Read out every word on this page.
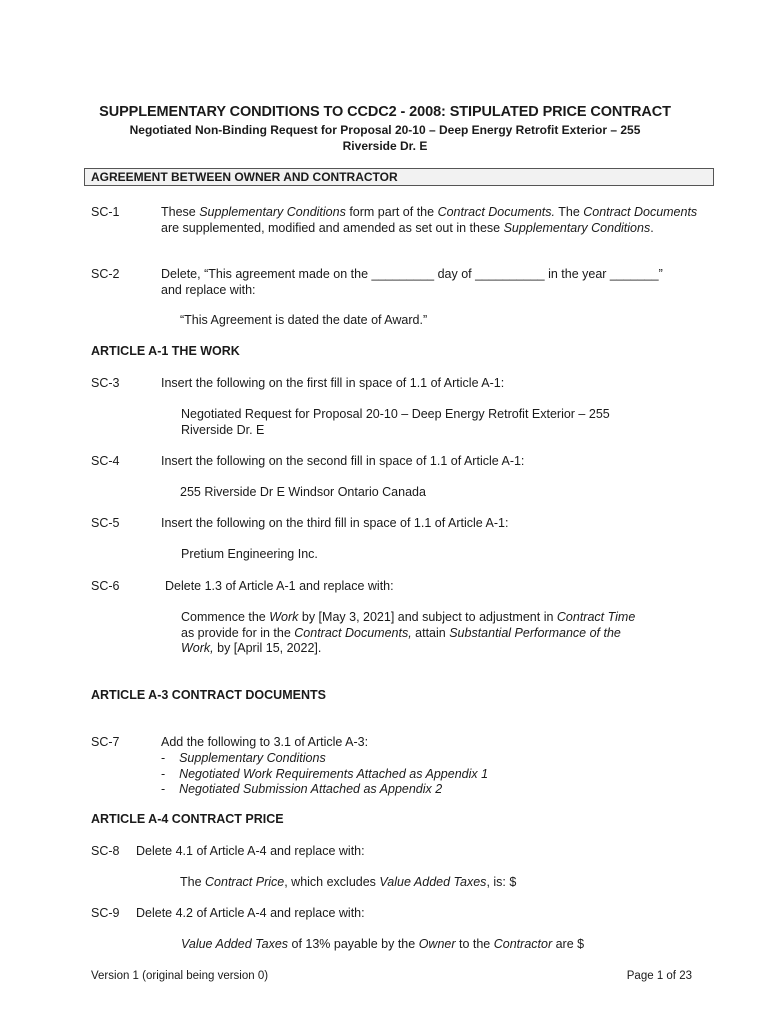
SUPPLEMENTARY CONDITIONS TO CCDC2 - 2008: STIPULATED PRICE CONTRACT
Negotiated Non-Binding Request for Proposal 20-10 – Deep Energy Retrofit Exterior – 255
Riverside Dr. E
AGREEMENT BETWEEN OWNER AND CONTRACTOR
SC-1	These Supplementary Conditions form part of the Contract Documents. The Contract Documents are supplemented, modified and amended as set out in these Supplementary Conditions.
SC-2	Delete, “This agreement made on the _________ day of __________ in the year _______”
and replace with:
“This Agreement is dated the date of Award.”
ARTICLE A-1 THE WORK
SC-3	Insert the following on the first fill in space of 1.1 of Article A-1:
Negotiated Request for Proposal 20-10 – Deep Energy Retrofit Exterior – 255
Riverside Dr. E
SC-4	Insert the following on the second fill in space of 1.1 of Article A-1:
255 Riverside Dr E Windsor Ontario Canada
SC-5	Insert the following on the third fill in space of 1.1 of Article A-1:
Pretium Engineering Inc.
SC-6	Delete 1.3 of Article A-1 and replace with:
Commence the Work by [May 3, 2021] and subject to adjustment in Contract Time as provide for in the Contract Documents, attain Substantial Performance of the Work, by [April 15, 2022].
ARTICLE A-3 CONTRACT DOCUMENTS
SC-7	Add the following to 3.1 of Article A-3:
- Supplementary Conditions
- Negotiated Work Requirements Attached as Appendix 1
- Negotiated Submission Attached as Appendix 2
ARTICLE A-4 CONTRACT PRICE
SC-8 Delete 4.1 of Article A-4 and replace with:
The Contract Price, which excludes Value Added Taxes, is: $
SC-9 Delete 4.2 of Article A-4 and replace with:
Value Added Taxes of 13% payable by the Owner to the Contractor are $
Version 1 (original being version 0)	Page 1 of 23
